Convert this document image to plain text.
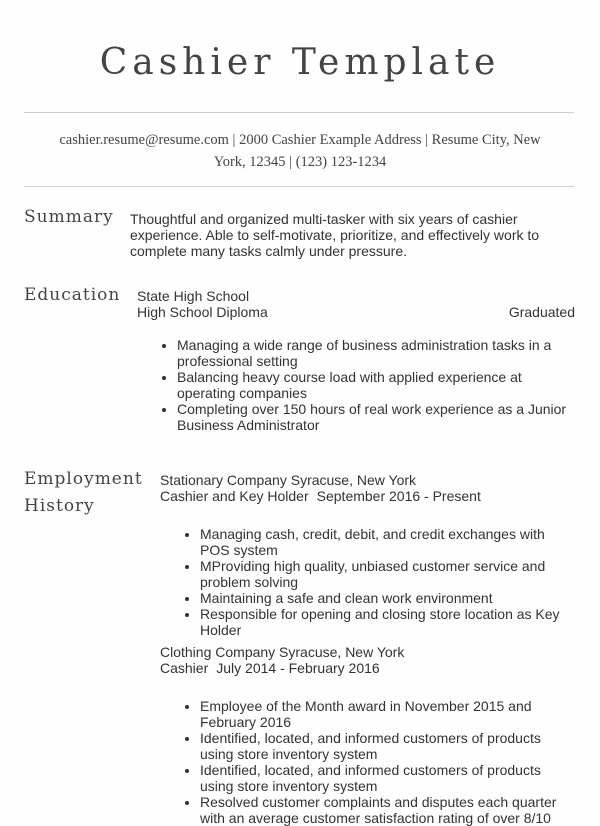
Cashier Template
cashier.resume@resume.com | 2000 Cashier Example Address | Resume City, New
York, 12345 | (123) 123-1234
Summary Thoughtful and organized multi-tasker with six years of cashier experience. Able to self-motivate, prioritize, and effectively work to complete many tasks calmly under pressure.
Education State High School
High School Diploma	Graduated
• Managing a wide range of business administration tasks in a professional setting
• Balancing heavy course load with applied experience at operating companies
• Completing over 150 hours of real work experience as a Junior Business Administrator
Employment
History
Stationary Company Syracuse, New York
Cashier and Key Holder September 2016 - Present
• Managing cash, credit, debit, and credit exchanges with POS system
• MProviding high quality, unbiased customer service and problem solving
• Maintaining a safe and clean work environment
• Responsible for opening and closing store location as Key Holder
Clothing Company Syracuse, New York
Cashier July 2014 - February 2016
• Employee of the Month award in November 2015 and February 2016
• Identified, located, and informed customers of products using store inventory system
• Identified, located, and informed customers of products using store inventory system
• Resolved customer complaints and disputes each quarter with an average customer satisfaction rating of over 8/10
